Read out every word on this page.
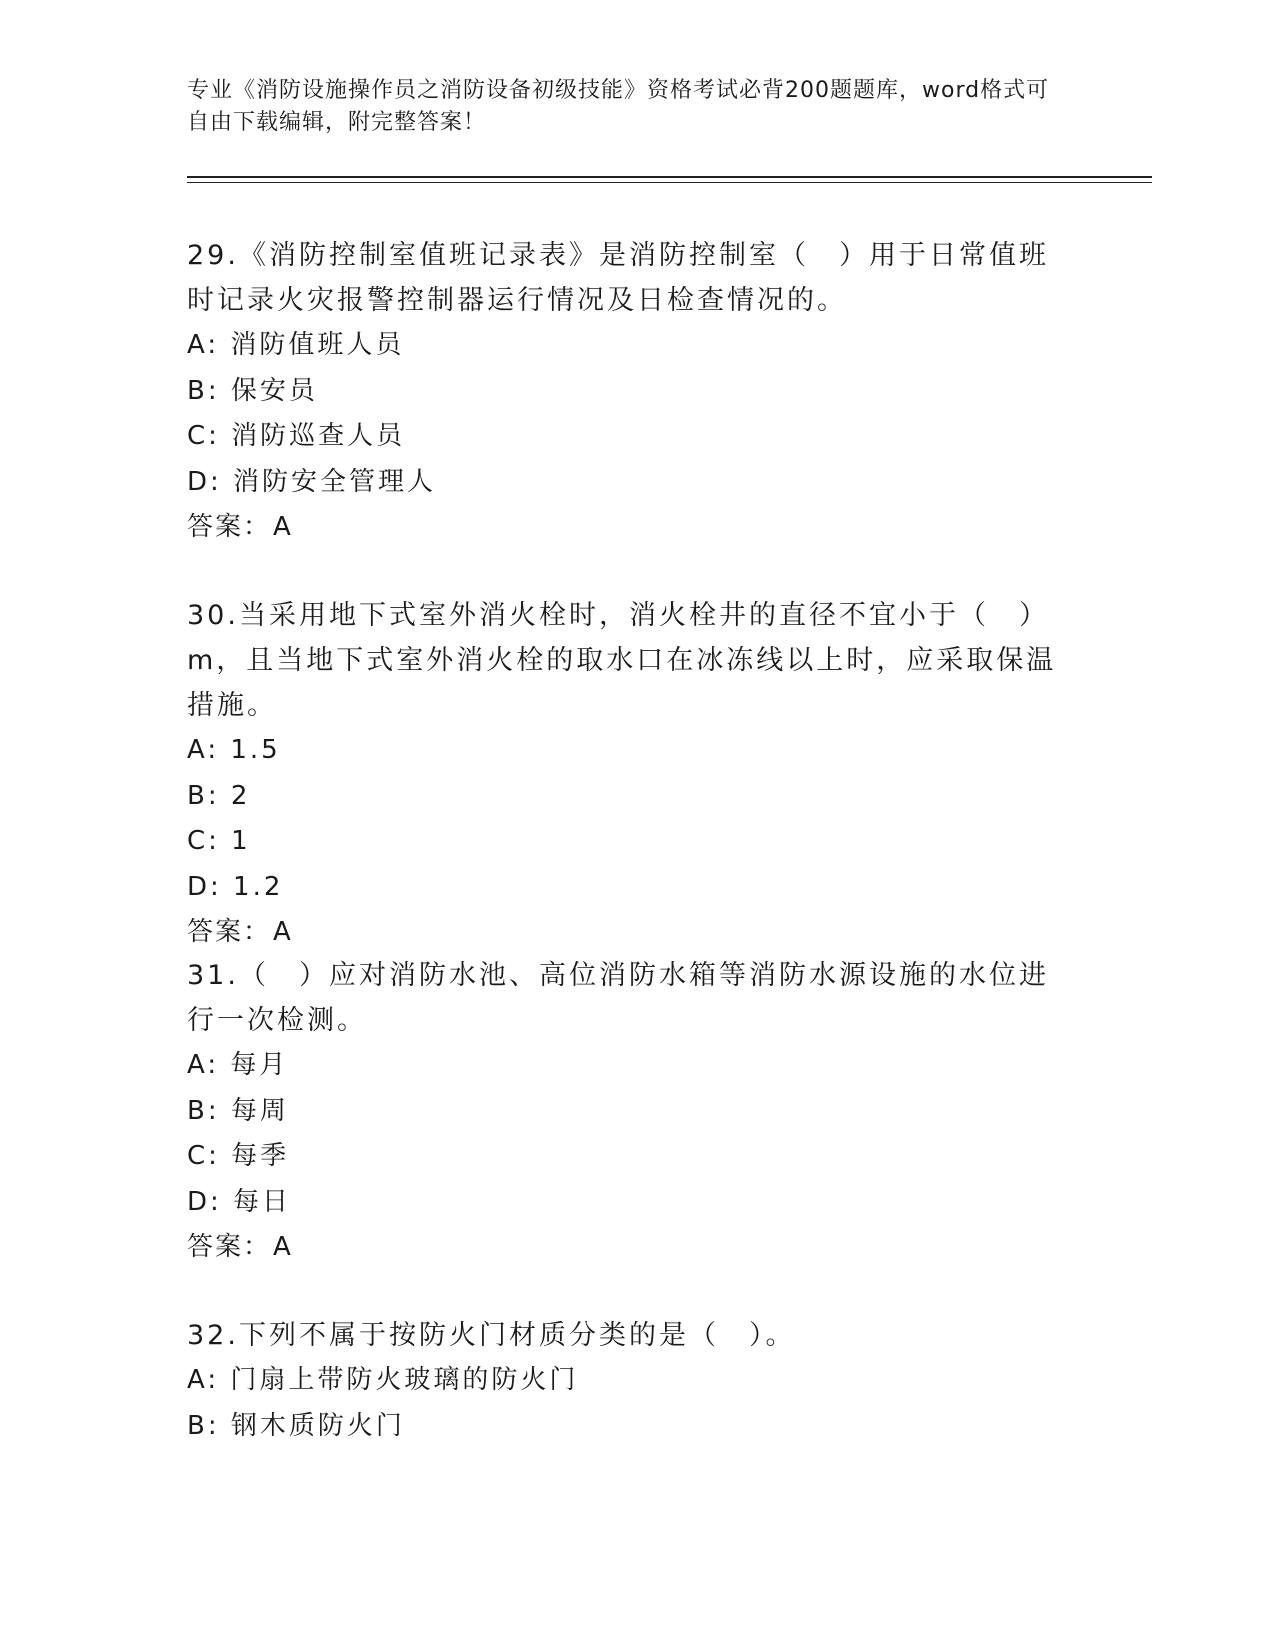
专业《消防设施操作员之消防设备初级技能》资格考试必背200题题库，word格式可自由下载编辑，附完整答案！

29.《消防控制室值班记录表》是消防控制室（　）用于日常值班时记录火灾报警控制器运行情况及日检查情况的。

A: 消防值班人员

B: 保安员

C: 消防巡查人员

D: 消防安全管理人

答案：A

30.当采用地下式室外消火栓时，消火栓井的直径不宜小于（　）m，且当地下式室外消火栓的取水口在冰冻线以上时，应采取保温措施。

A: 1.5

B: 2

C: 1

D: 1.2

答案：A

31.（　）应对消防水池、高位消防水箱等消防水源设施的水位进行一次检测。

A: 每月

B: 每周

C: 每季

D: 每日

答案：A

32.下列不属于按防火门材质分类的是（　）。

A: 门扇上带防火玻璃的防火门

B: 钢木质防火门
